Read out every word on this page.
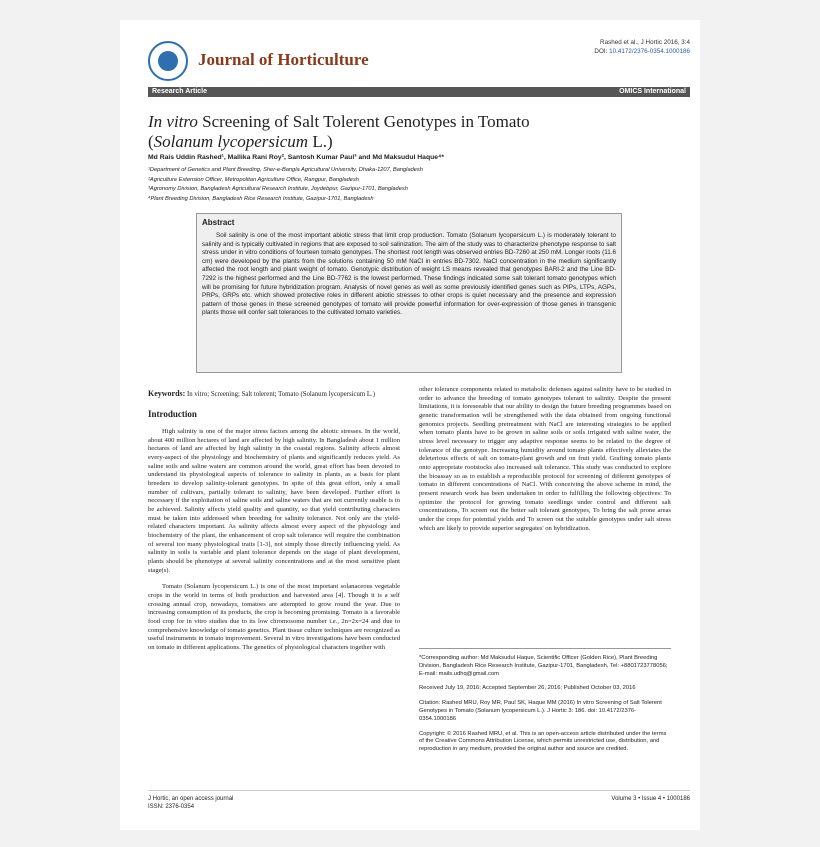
Rashed et al., J Hortic 2016, 3:4
DOI: 10.4172/2376-0354.1000186
Journal of Horticulture
Research Article	OMICS International
In vitro Screening of Salt Tolerent Genotypes in Tomato (Solanum lycopersicum L.)
Md Rais Uddin Rashed¹, Mallika Rani Roy², Santosh Kumar Paul³ and Md Maksudul Haque⁴*
¹Department of Genetics and Plant Breeding, Sher-e-Bangla Agricultural University, Dhaka-1207, Bangladesh
²Agriculture Extension Officer, Metropolitan Agriculture Office, Rangpur, Bangladesh
³Agronomy Division, Bangladesh Agricultural Research Institute, Joydebpur, Gazipur-1701, Bangladesh
⁴Plant Breeding Division, Bangladesh Rice Research Institute, Gazipur-1701, Bangladesh
Abstract

Soil salinity is one of the most important abiotic stress that limit crop production. Tomato (Solanum lycopersicum L.) is moderately tolerant to salinity and is typically cultivated in regions that are exposed to soil salinization. The aim of the study was to characterize phenotype response to salt stress under in vitro conditions of fourteen tomato genotypes. The shortest root length was observed entries BD-7260 at 250 mM. Longer roots (11.6 cm) were developed by the plants from the solutions containing 50 mM NaCl in entries BD-7302. NaCl concentration in the medium significantly affected the root length and plant weight of tomato. Genotypic distribution of weight LS means revealed that genotypes BARI-2 and the Line BD-7292 is the highest performed and the Line BD-7762 is the lowest performed. These findings indicated some salt tolerant tomato genotypes which will be promising for future hybridization program. Analysis of novel genes as well as some previously identified genes such as PIPs, LTPs, AGPs, PRPs, GRPs etc. which showed protective roles in different abiotic stresses to other crops is quiet necessary and the presence and expression pattern of those genes in these screened genotypes of tomato will provide powerful information for over-expression of those genes in transgenic plants those will confer salt tolerances to the cultivated tomato varieties.

Keywords: In vitro; Screening; Salt tolerent; Tomato (Solanum lycopersicum L.)
Introduction

High salinity is one of the major stress factors among the abiotic stresses. In the world, about 400 million hectares of land are affected by high salinity. In Bangladesh about 1 million hectares of land are affected by high salinity in the coastal regions. Salinity affects almost every-aspect of the physiology and biochemistry of plants and significantly reduces yield. As saline soils and saline waters are common around the world, great effort has been devoted to understand its physiological aspects of tolerance to salinity in plants, as a basis for plant breeders to develop salinity-tolerant genotypes. In spite of this great effort, only a small number of cultivars, partially tolerant to salinity, have been developed. Further effort is necessary if the exploitation of saline soils and saline waters that are not currently usable is to be achieved. Salinity affects yield quality and quantity, so that yield contributing characters must be taken into addressed when breeding for salinity tolerance. Not only are the yield-related characters important. As salinity affects almost every aspect of the physiology and biochemistry of the plant, the enhancement of crop salt tolerance will require the combination of several too many physiological traits [1-3], not simply those directly influencing yield. As salinity in soils is variable and plant tolerance depends on the stage of plant development, plants should be phenotype at several salinity concentrations and at the most sensitive plant stage(s).

Tomato (Solanum lycopersicum L.) is one of the most important solanaceous vegetable crops in the world in terms of both production and harvested area [4]. Though it is a self crossing annual crop, nowadays, tomatoes are attempted to grow round the year. Due to increasing consumption of its products, the crop is becoming promising. Tomato is a favorable food crop for in vitro studies due to its low chromosome number i.e., 2n=2x=24 and due to comprehensive knowledge of tomato genetics. Plant tissue culture techniques are recognized as useful instruments in tomato improvement. Several in vitro investigations have been conducted on tomato in different applications. The genetics of physiological characters together with

other tolerance components related to metabolic defenses against salinity have to be studied in order to advance the breeding of tomato genotypes tolerant to salinity. Despite the present limitations, it is foreseeable that our ability to design the future breeding programmes based on genetic transformation will be strengthened with the data obtained from ongoing functional genomics projects. Seedling pretreatment with NaCl are interesting strategies to be applied when tomato plants have to be grown in saline soils or soils irrigated with saline water, the stress level necessary to trigger any adaptive response seems to be related to the degree of tolerance of the genotype. Increasing humidity around tomato plants effectively alleviates the deleterious effects of salt on tomato-plant growth and on fruit yield. Grafting tomato plants onto appropriate rootstocks also increased salt tolerance. This study was conducted to explore the bioassay so as to establish a reproducible protocol for screening of different genotypes of tomato in different concentrations of NaCl. With conceiving the above scheme in mind, the present research work has been undertaken in order to fulfilling the following objectives: To optimize the protocol for growing tomato seedlings under control and different salt concentrations, To screen out the better salt tolerant genotypes, To bring the salt prone areas under the crops for potential yields and To screen out the suitable genotypes under salt stress which are likely to provide superior segregates' on hybridization.

*Corresponding author: Md Maksudul Haque, Scientific Officer (Golden Rice), Plant Breeding Division, Bangladesh Rice Research Institute, Gazipur-1701, Bangladesh, Tel: +8801723778056; E-mail: mails.udhq@gmail.com

Received July 19, 2016; Accepted September 26, 2016; Published October 03, 2016

Citation: Rashed MRU, Roy MR, Paul SK, Haque MM (2016) In vitro Screening of Salt Tolerent Genotypes in Tomato (Solanum lycopersicum L.). J Hortic 3: 186. doi: 10.4172/2376-0354.1000186

Copyright: © 2016 Rashed MRU, et al. This is an open-access article distributed under the terms of the Creative Commons Attribution License, which permits unrestricted use, distribution, and reproduction in any medium, provided the original author and source are credited.

J Hortic, an open access journal
ISSN: 2376-0354
Volume 3 • Issue 4 • 1000186
